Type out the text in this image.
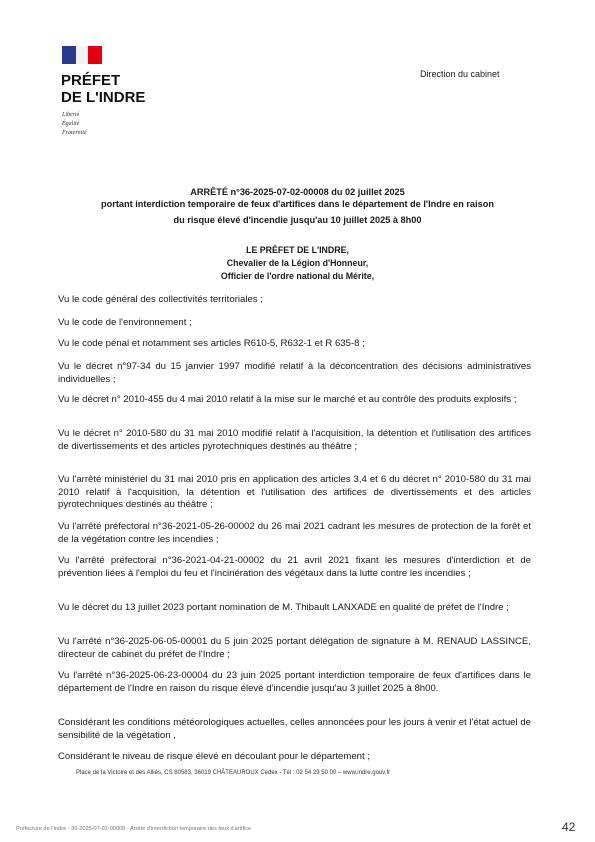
PRÉFET
DE L'INDRE
Liberté
Égalité
Fraternité
Direction du cabinet
ARRÊTÉ n°36-2025-07-02-00008 du 02 juillet 2025
portant interdiction temporaire de feux d'artifices dans le département de l'Indre en raison
du risque élevé d'incendie jusqu'au 10 juillet 2025 à 8h00
LE PRÉFET DE L'INDRE,
Chevalier de la Légion d'Honneur,
Officier de l'ordre national du Mérite,
Vu le code général des collectivités territoriales ;
Vu le code de l'environnement ;
Vu le code pénal et notamment ses articles R610-5, R632-1 et R 635-8 ;
Vu le décret n°97-34 du 15 janvier 1997 modifié relatif à la déconcentration des décisions administratives individuelles ;
Vu le décret n° 2010-455 du 4 mai 2010 relatif à la mise sur le marché et au contrôle des produits explosifs ;
Vu le décret n° 2010-580 du 31 mai 2010 modifié relatif à l'acquisition, la détention et l'utilisation des artifices de divertissements et des articles pyrotechniques destinés au théâtre ;
Vu l'arrêté ministériel du 31 mai 2010 pris en application des articles 3,4 et 6 du décret n° 2010-580 du 31 mai 2010 relatif à l'acquisition, la détention et l'utilisation des artifices de divertissements et des articles pyrotechniques destinés au théâtre ;
Vu l'arrêté préfectoral n°36-2021-05-26-00002 du 26 mai 2021 cadrant les mesures de protection de la forêt et de la végétation contre les incendies ;
Vu l'arrêté préfectoral n°36-2021-04-21-00002 du 21 avril 2021 fixant les mesures d'interdiction et de prévention liées à l'emploi du feu et l'incinération des végétaux dans la lutte contre les incendies ;
Vu le décret du 13 juillet 2023 portant nomination de M. Thibault LANXADE en qualité de préfet de l'Indre ;
Vu l'arrêté n°36-2025-06-05-00001 du 5 juin 2025 portant délégation de signature à M. RENAUD LASSINCE, directeur de cabinet du préfet de l'Indre ;
Vu l'arrêté n°36-2025-06-23-00004 du 23 juin 2025 portant interdiction temporaire de feux d'artifices dans le département de l'Indre en raison du risque élevé d'incendie jusqu'au 3 juillet 2025 à 8h00.
Considérant les conditions météorologiques actuelles, celles annoncées pour les jours à venir et l'état actuel de sensibilité de la végétation ,
Considérant le niveau de risque élevé en découlant pour le département ;
Place de la Victoire et des Alliés, CS 80583, 36019 CHÂTEAUROUX Cedex - Tél : 02 54 29 50 00 – www.indre.gouv.fr
Préfecture de l'Indre - 36-2025-07-02-00008 - Arrêté d'interdiction temporaire des feux d'artifice	42
